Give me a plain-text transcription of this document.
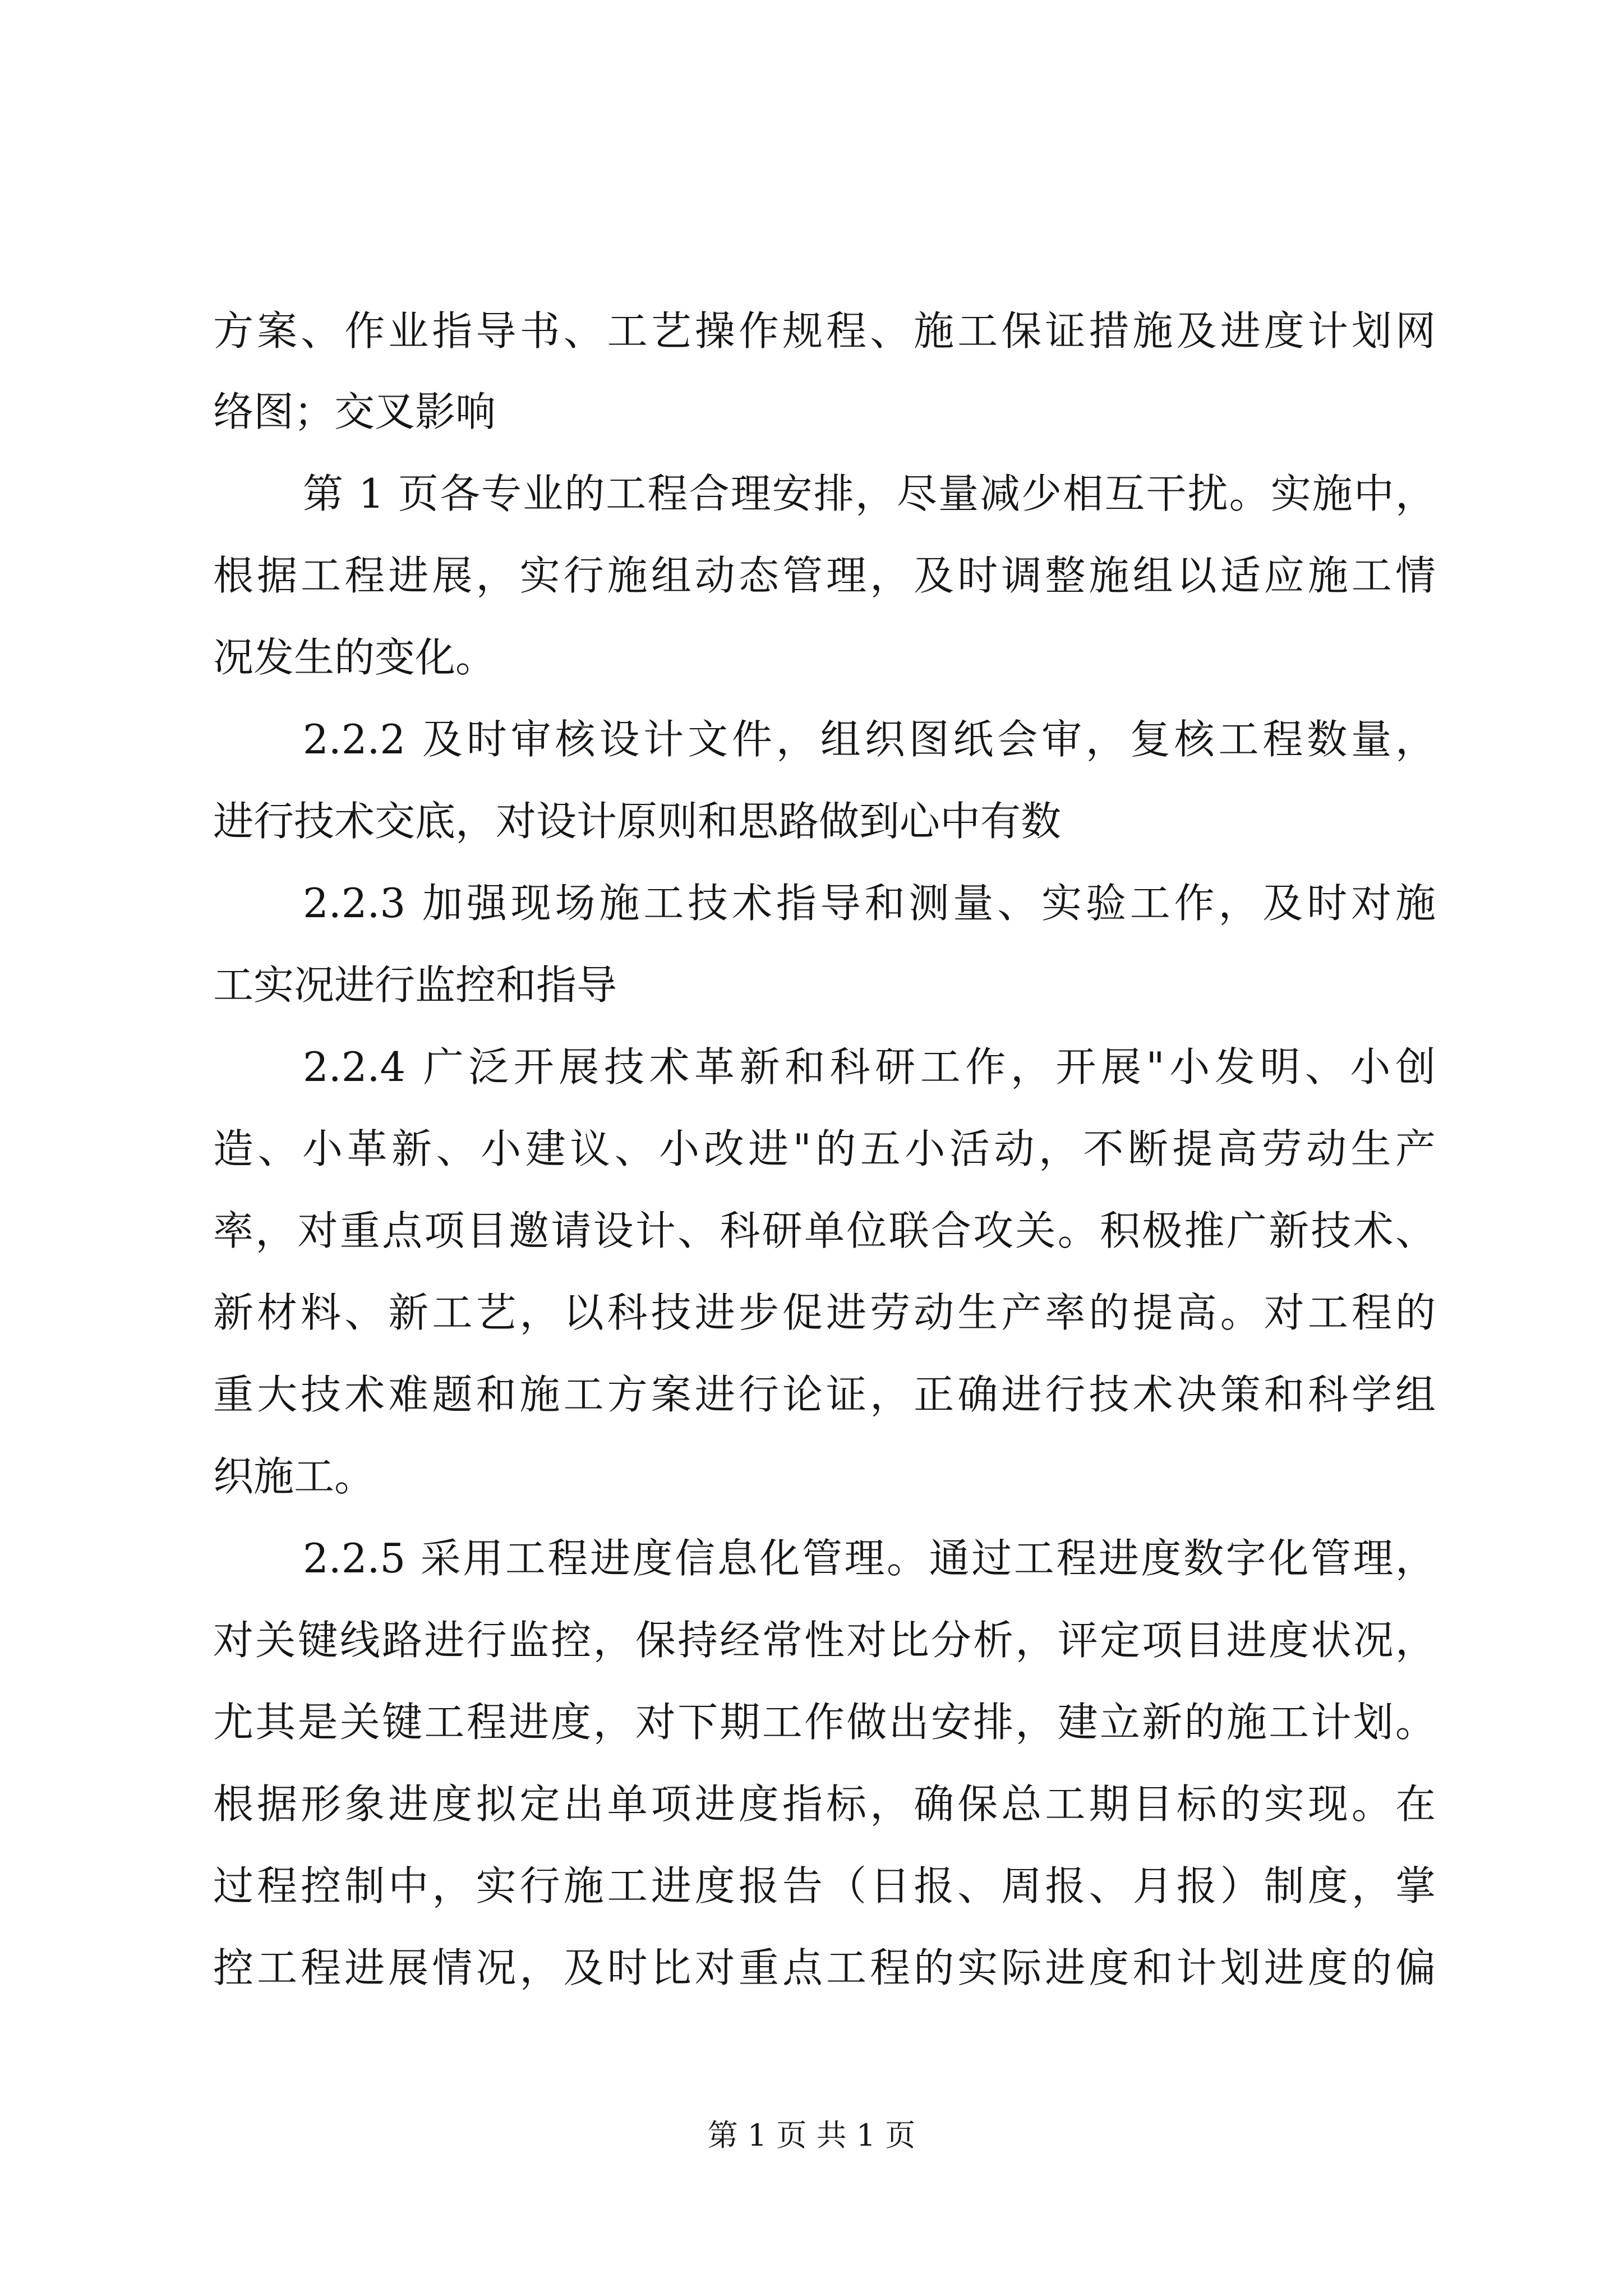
方案、作业指导书、工艺操作规程、施工保证措施及进度计划网

络图；交叉影响

第 1 页各专业的工程合理安排，尽量减少相互干扰。实施中，

根据工程进展，实行施组动态管理，及时调整施组以适应施工情

况发生的变化。

2.2.2 及时审核设计文件，组织图纸会审，复核工程数量，

进行技术交底，对设计原则和思路做到心中有数

2.2.3 加强现场施工技术指导和测量、实验工作，及时对施

工实况进行监控和指导

2.2.4 广泛开展技术革新和科研工作，开展"小发明、小创

造、小革新、小建议、小改进"的五小活动，不断提高劳动生产

率，对重点项目邀请设计、科研单位联合攻关。积极推广新技术、

新材料、新工艺，以科技进步促进劳动生产率的提高。对工程的

重大技术难题和施工方案进行论证，正确进行技术决策和科学组

织施工。

2.2.5 采用工程进度信息化管理。通过工程进度数字化管理，

对关键线路进行监控，保持经常性对比分析，评定项目进度状况，

尤其是关键工程进度，对下期工作做出安排，建立新的施工计划。

根据形象进度拟定出单项进度指标，确保总工期目标的实现。在

过程控制中，实行施工进度报告（日报、周报、月报）制度，掌

控工程进展情况，及时比对重点工程的实际进度和计划进度的偏

第 1 页 共 1 页
